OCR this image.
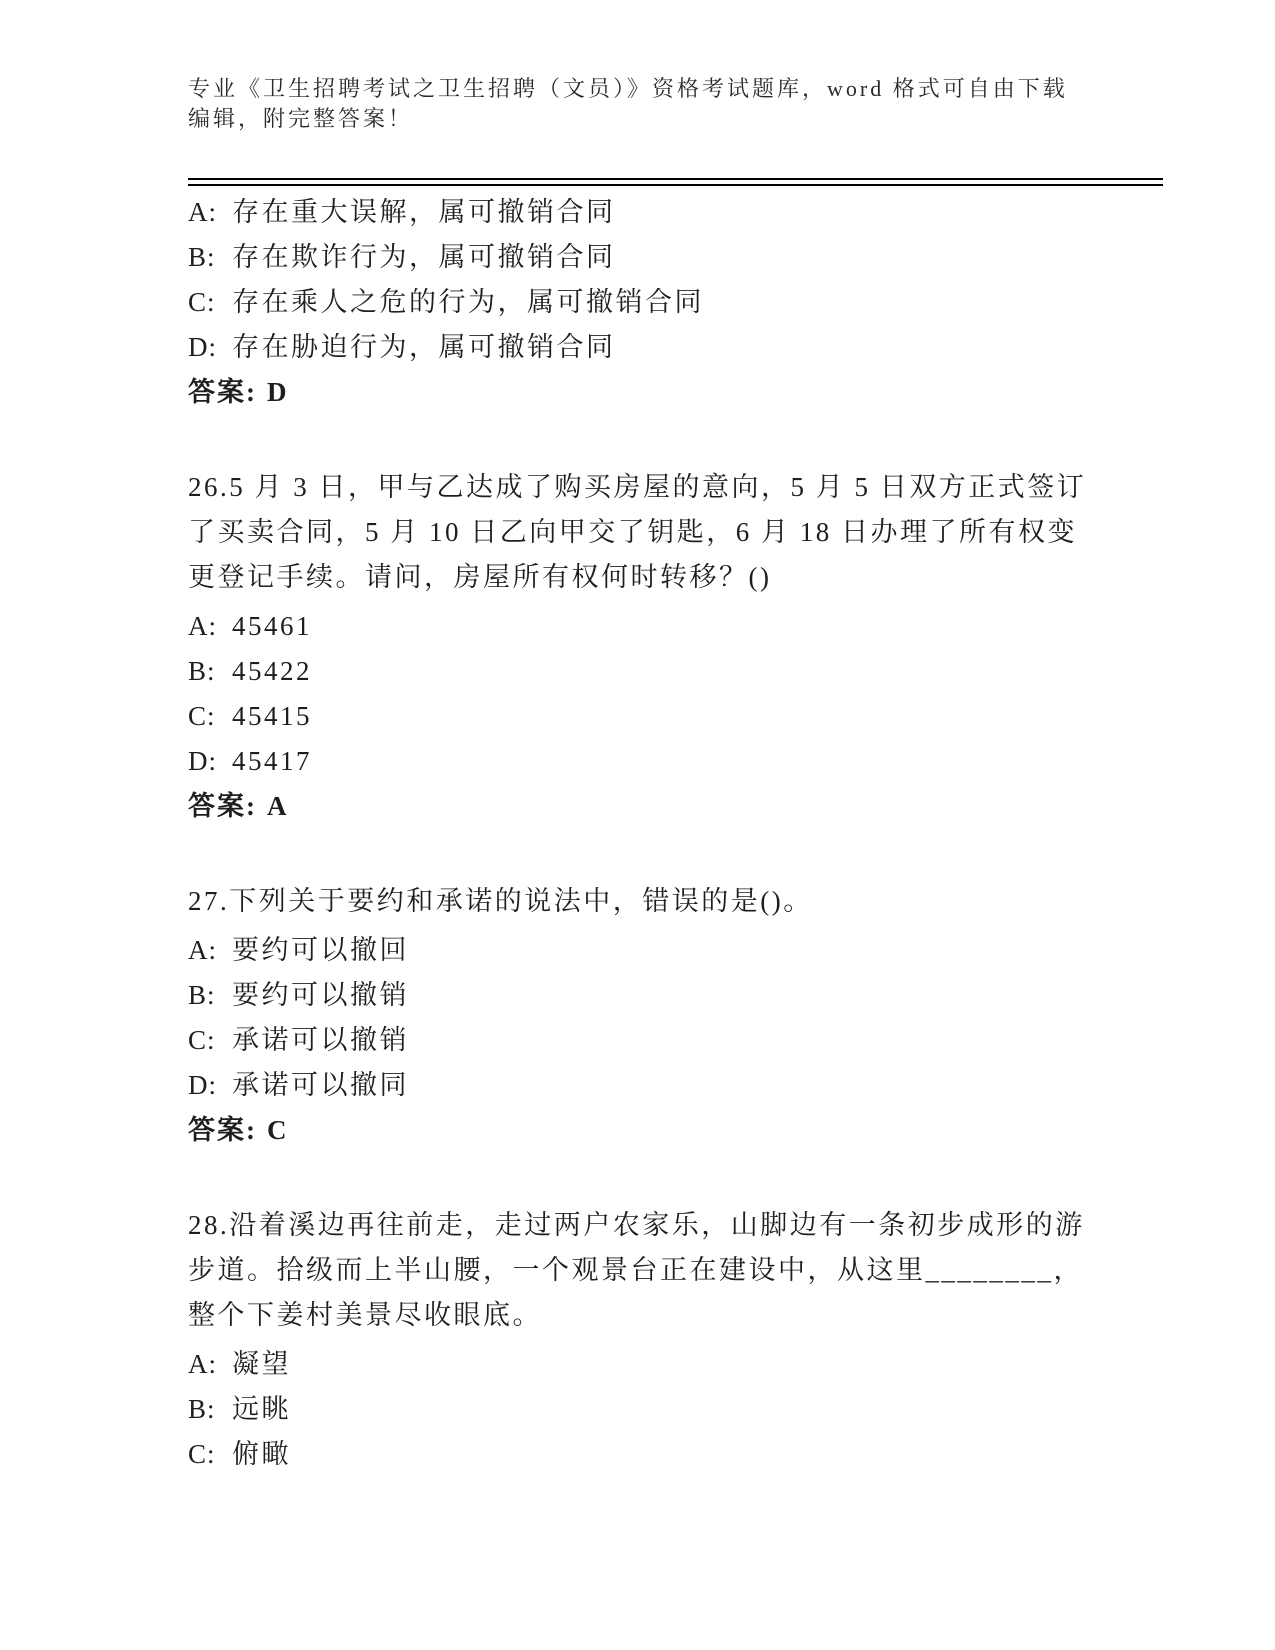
专业《卫生招聘考试之卫生招聘（文员）》资格考试题库，word 格式可自由下载
编辑，附完整答案！
A: 存在重大误解，属可撤销合同
B: 存在欺诈行为，属可撤销合同
C: 存在乘人之危的行为，属可撤销合同
D: 存在胁迫行为，属可撤销合同
答案: D

26.5 月 3 日，甲与乙达成了购买房屋的意向，5 月 5 日双方正式签订了买卖合同，5 月 10 日乙向甲交了钥匙，6 月 18 日办理了所有权变更登记手续。请问，房屋所有权何时转移？()

A: 45461
B: 45422
C: 45415
D: 45417
答案: A

27.下列关于要约和承诺的说法中，错误的是()。

A: 要约可以撤回
B: 要约可以撤销
C: 承诺可以撤销
D: 承诺可以撤同
答案: C

28.沿着溪边再往前走，走过两户农家乐，山脚边有一条初步成形的游步道。拾级而上半山腰，一个观景台正在建设中，从这里________，整个下姜村美景尽收眼底。

A: 凝望
B: 远眺
C: 俯瞰
